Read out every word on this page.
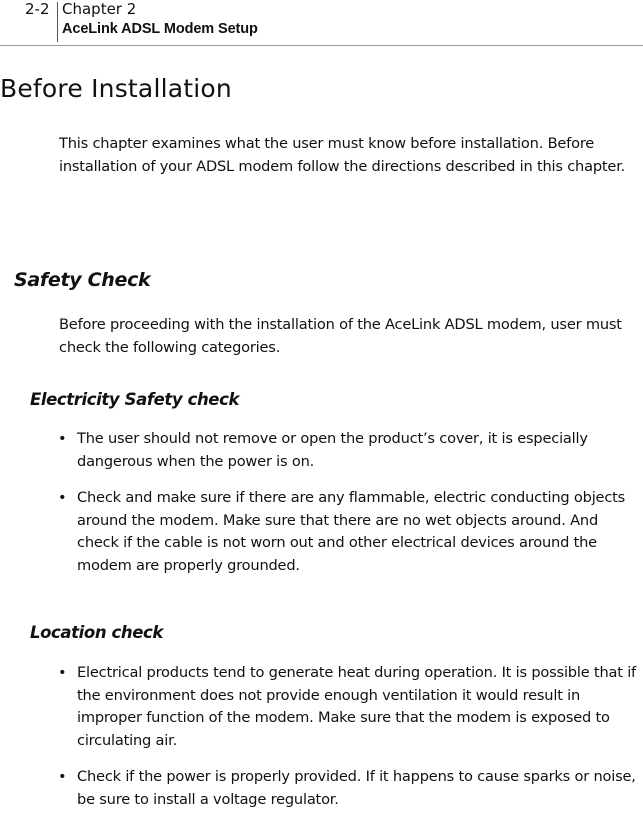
2-2 Chapter 2
AceLink ADSL Modem Setup
Before Installation

This chapter examines what the user must know before installation. Before installation of your ADSL modem follow the directions described in this chapter.

Safety Check

Before proceeding with the installation of the AceLink ADSL modem, user must check the following categories.

Electricity Safety check
• The user should not remove or open the product’s cover, it is especially dangerous when the power is on.
• Check and make sure if there are any flammable, electric conducting objects around the modem. Make sure that there are no wet objects around. And check if the cable is not worn out and other electrical devices around the modem are properly grounded.
Location check
• Electrical products tend to generate heat during operation. It is possible that if the environment does not provide enough ventilation it would result in improper function of the modem. Make sure that the modem is exposed to circulating air.
• Check if the power is properly provided. If it happens to cause sparks or noise, be sure to install a voltage regulator.
